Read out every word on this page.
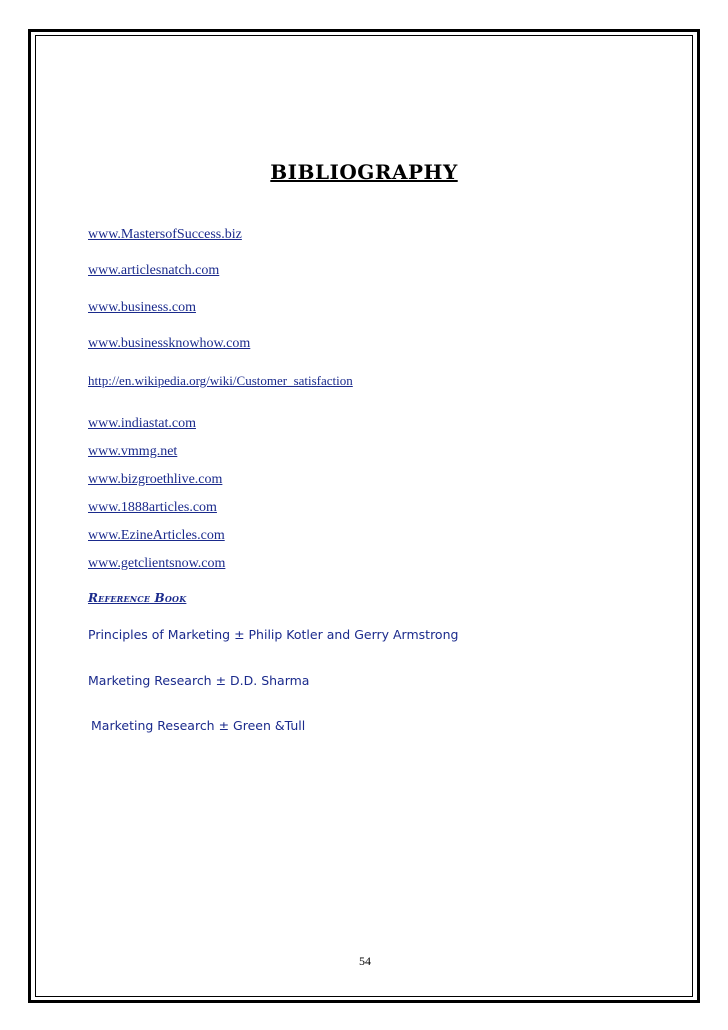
BIBLIOGRAPHY
www.MastersofSuccess.biz
www.articlesnatch.com
www.business.com
www.businessknowhow.com
http://en.wikipedia.org/wiki/Customer_satisfaction
www.indiastat.com
www.vmmg.net
www.bizgroethlive.com
www.1888articles.com
www.EzineArticles.com
www.getclientsnow.com
Reference Book
Principles of Marketing ± Philip Kotler and Gerry Armstrong
Marketing Research ± D.D. Sharma
Marketing Research ± Green &Tull
54
